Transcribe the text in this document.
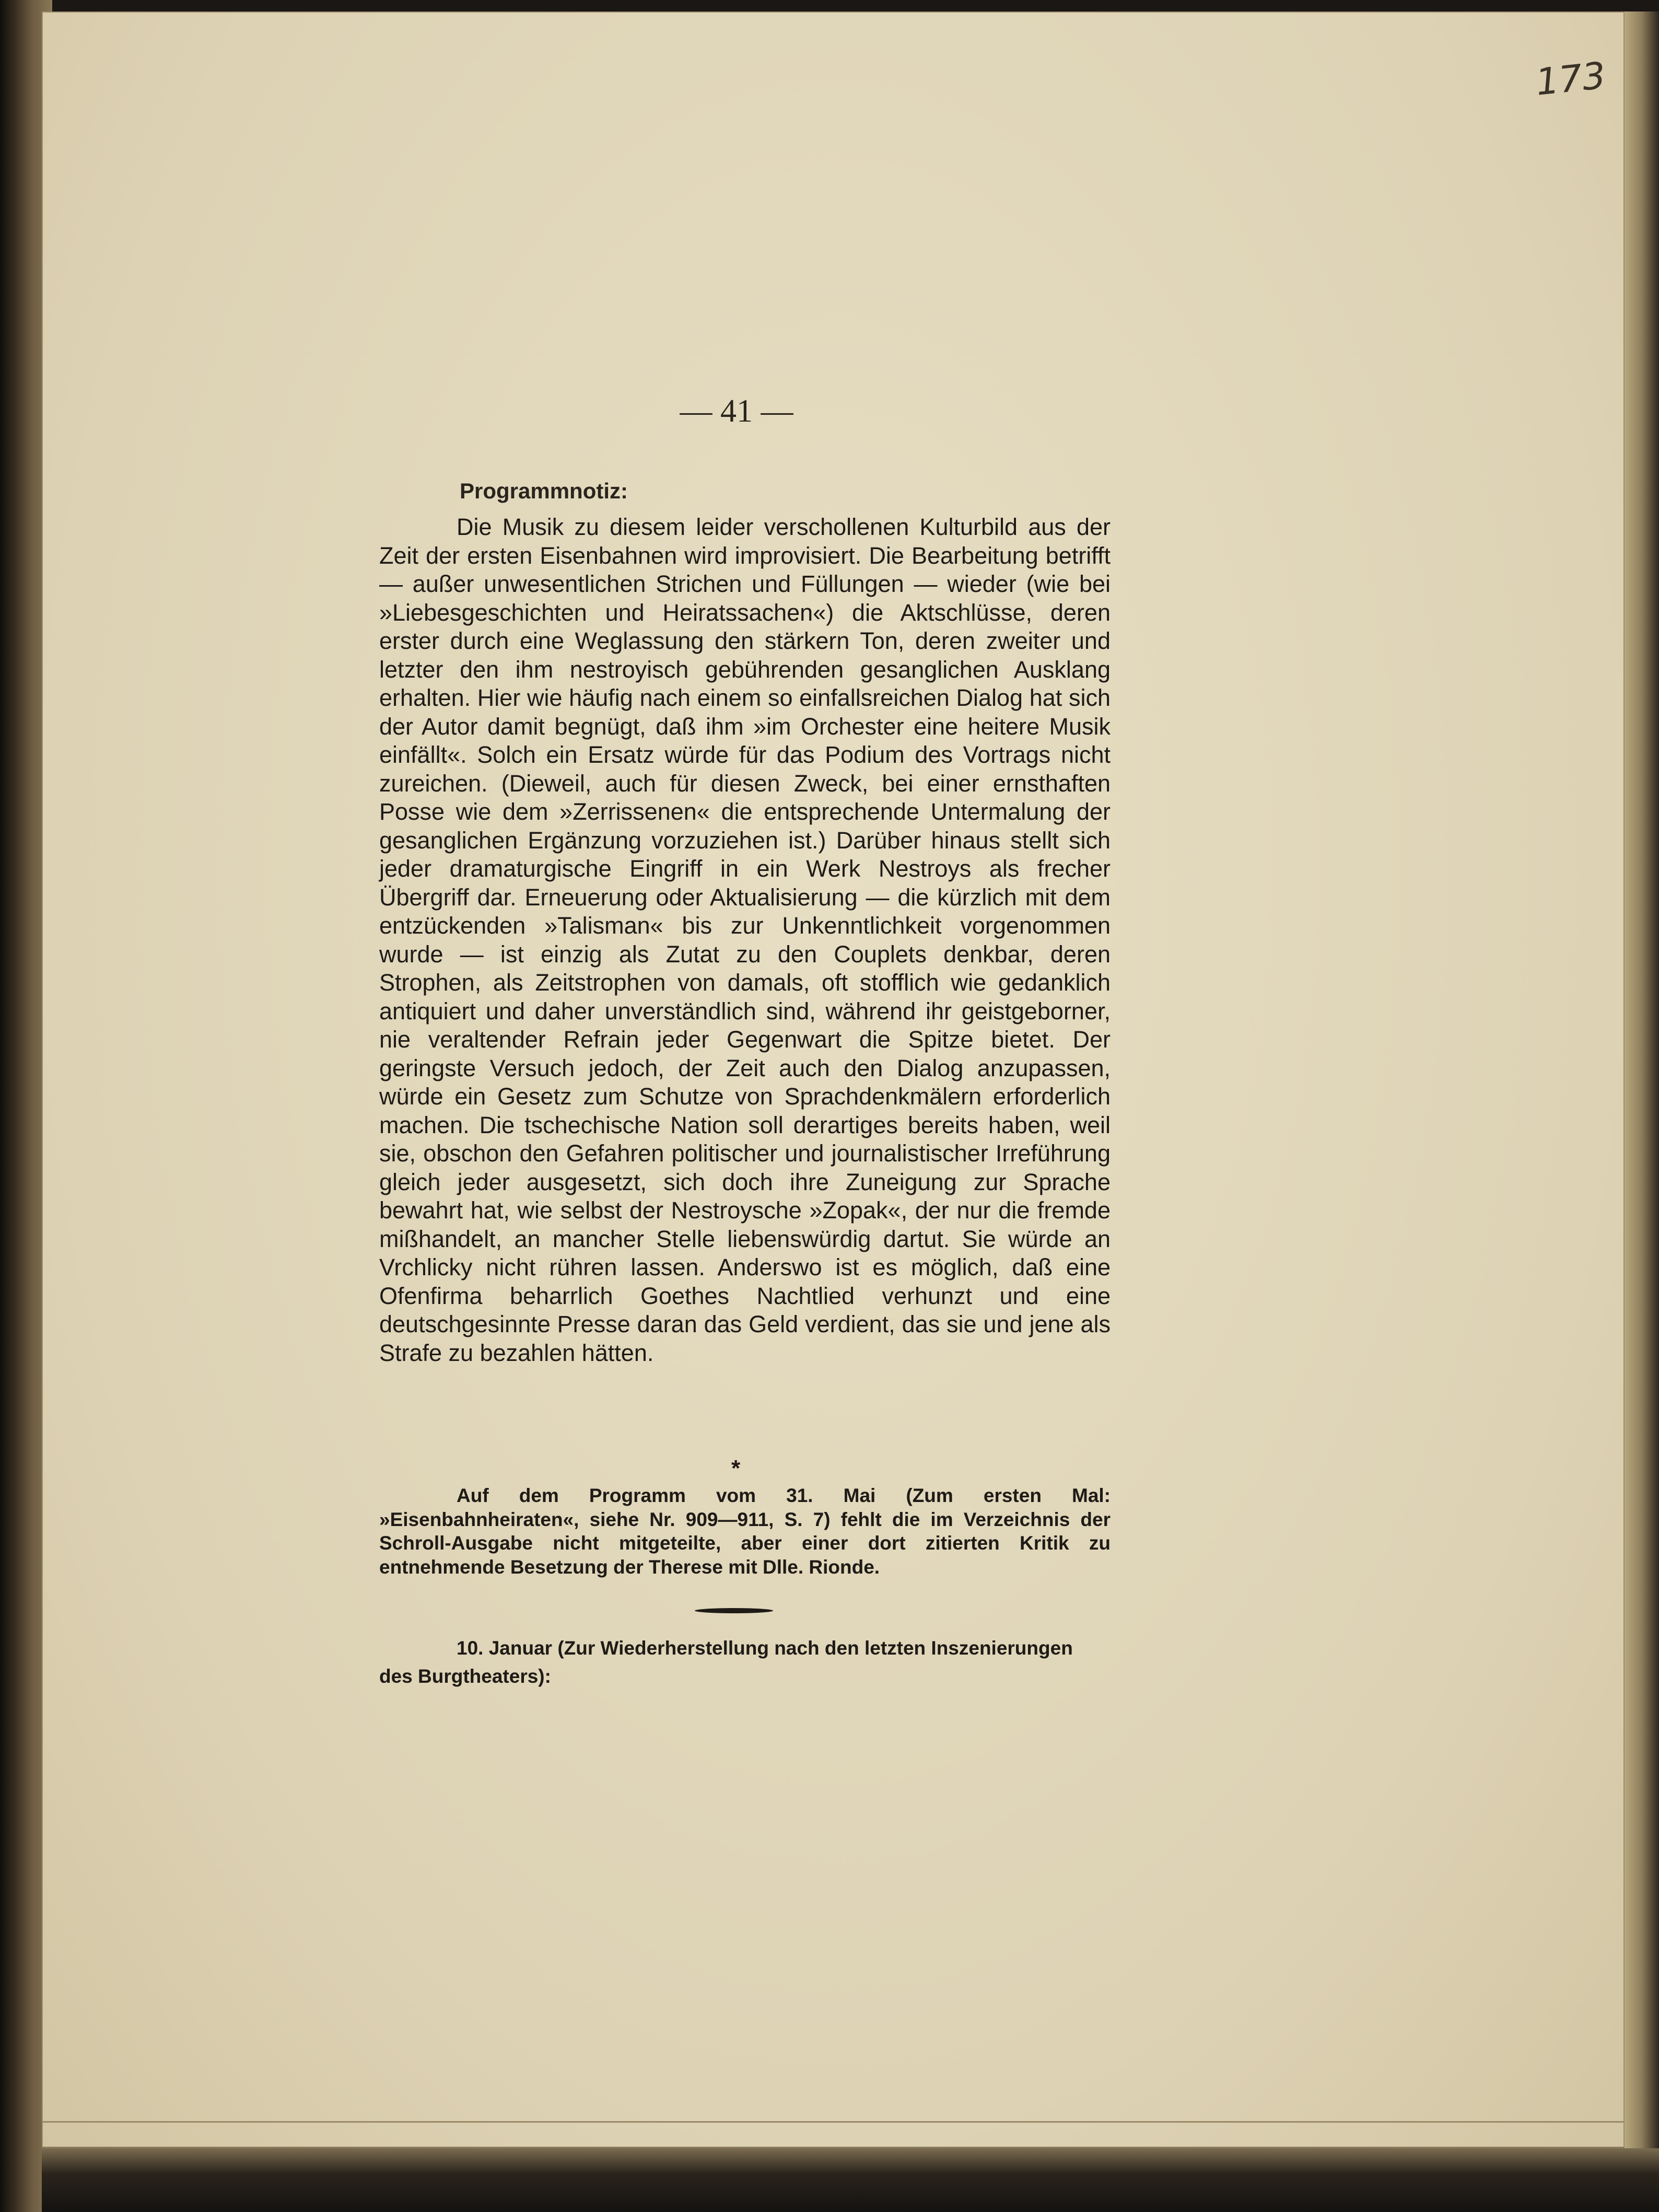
173
— 41 —
Programmnotiz:

Die Musik zu diesem leider verschollenen Kulturbild aus der Zeit der ersten Eisenbahnen wird improvisiert. Die Bearbeitung betrifft — außer unwesentlichen Strichen und Füllungen — wieder (wie bei »Liebesgeschichten und Heiratssachen«) die Aktschlüsse, deren erster durch eine Weglassung den stärkern Ton, deren zweiter und letzter den ihm nestroyisch gebührenden gesanglichen Ausklang erhalten. Hier wie häufig nach einem so einfallsreichen Dialog hat sich der Autor damit begnügt, daß ihm »im Orchester eine heitere Musik einfällt«. Solch ein Ersatz würde für das Podium des Vortrags nicht zureichen. (Dieweil, auch für diesen Zweck, bei einer ernsthaften Posse wie dem »Zerrissenen« die entsprechende Untermalung der gesanglichen Ergänzung vorzuziehen ist.) Darüber hinaus stellt sich jeder dramaturgische Eingriff in ein Werk Nestroys als frecher Übergriff dar. Erneuerung oder Aktualisierung — die kürzlich mit dem entzückenden »Talisman« bis zur Unkenntlichkeit vorgenommen wurde — ist einzig als Zutat zu den Couplets denkbar, deren Strophen, als Zeitstrophen von damals, oft stofflich wie gedanklich antiquiert und daher unverständlich sind, während ihr geistgeborner, nie veraltender Refrain jeder Gegenwart die Spitze bietet. Der geringste Versuch jedoch, der Zeit auch den Dialog anzupassen, würde ein Gesetz zum Schutze von Sprachdenkmälern erforderlich machen. Die tschechische Nation soll derartiges bereits haben, weil sie, obschon den Gefahren politischer und journalistischer Irreführung gleich jeder ausgesetzt, sich doch ihre Zuneigung zur Sprache bewahrt hat, wie selbst der Nestroysche »Zopak«, der nur die fremde mißhandelt, an mancher Stelle liebenswürdig dartut. Sie würde an Vrchlicky nicht rühren lassen. Anderswo ist es möglich, daß eine Ofenfirma beharrlich Goethes Nachtlied verhunzt und eine deutschgesinnte Presse daran das Geld verdient, das sie und jene als Strafe zu bezahlen hätten.

*

Auf dem Programm vom 31. Mai (Zum ersten Mal: »Eisenbahnheiraten«, siehe Nr. 909—911, S. 7) fehlt die im Verzeichnis der Schroll-Ausgabe nicht mitgeteilte, aber einer dort zitierten Kritik zu entnehmende Besetzung der Therese mit Dlle. Rionde.

10. Januar (Zur Wiederherstellung nach den letzten Inszenierungen des Burgtheaters):
